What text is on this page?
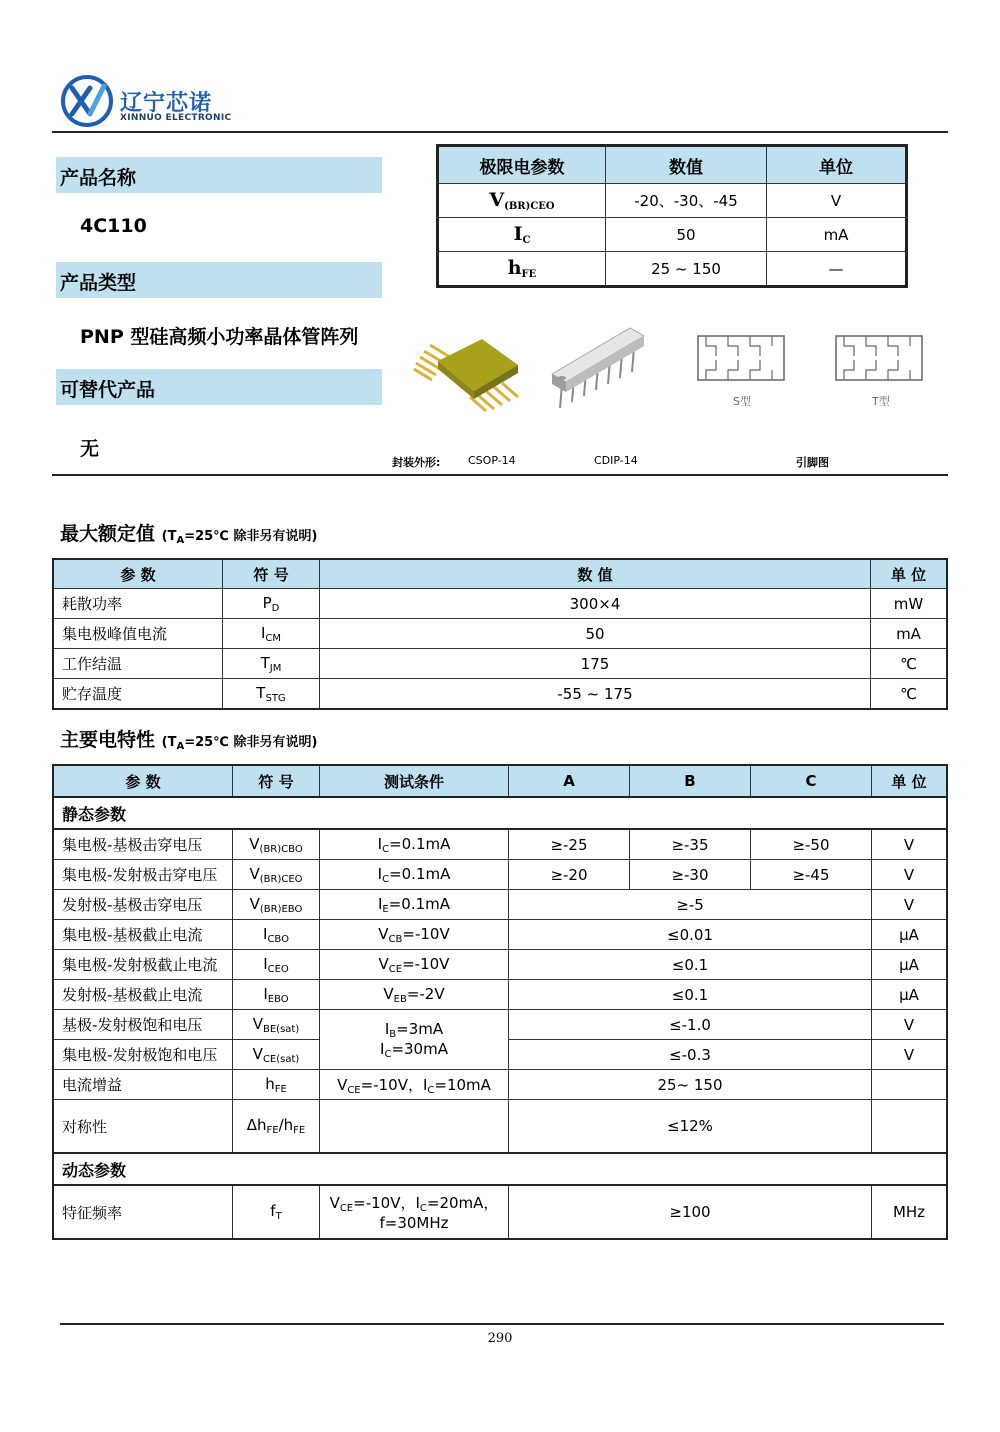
辽宁芯诺
XINNUO ELECTRONIC
产品名称
4C110
产品类型
PNP 型硅高频小功率晶体管阵列
可替代产品
无
极限电参数	数值	单位
$V_{(BR)CEO}$	-20、-30、-45	V
$I_C$	50	mA
$h_{FE}$	25 ~ 150	—
S型	T型
封装外形:	CSOP-14	CDIP-14	引脚图
最大额定值 ($T_A=25℃$ 除非另有说明)
参 数	符 号	数 值	单 位
耗散功率	$P_D$	300×4	mW
集电极峰值电流	$I_{CM}$	50	mA
工作结温	$T_{JM}$	175	℃
贮存温度	$T_{STG}$	-55 ~ 175	℃
主要电特性 ($T_A=25℃$ 除非另有说明)
参 数	符 号	测试条件	A	B	C	单 位
静态参数						
集电极-基极击穿电压	$V_{(BR)CBO}$	$I_C=0.1mA$	≥-25	≥-35	≥-50	V
集电极-发射极击穿电压	$V_{(BR)CEO}$	$I_C=0.1mA$	≥-20	≥-30	≥-45	V
发射极-基极击穿电压	$V_{(BR)EBO}$	$I_E=0.1mA$	≥-5			V
集电极-基极截止电流	$I_{CBO}$	$V_{CB}=-10V$	≤0.01			μA
集电极-发射极截止电流	$I_{CEO}$	$V_{CE}=-10V$	≤0.1			μA
发射极-基极截止电流	$I_{EBO}$	$V_{EB}=-2V$	≤0.1			μA
基极-发射极饱和电压	$V_{BE(sat)}$	$I_B=3mA$
$I_C=30mA$	≤-1.0			V
集电极-发射极饱和电压	$V_{CE(sat)}$		≤-0.3			V
电流增益	$h_{FE}$	$V_{CE}=-10V$，$I_C=10mA$	25~ 150			
对称性	$\Delta h_{FE}/h_{FE}$		≤12%			
动态参数						
特征频率	$f_T$	$V_{CE}=-10V$，$I_C=20mA$，
f=30MHz	≥100			MHz
290
